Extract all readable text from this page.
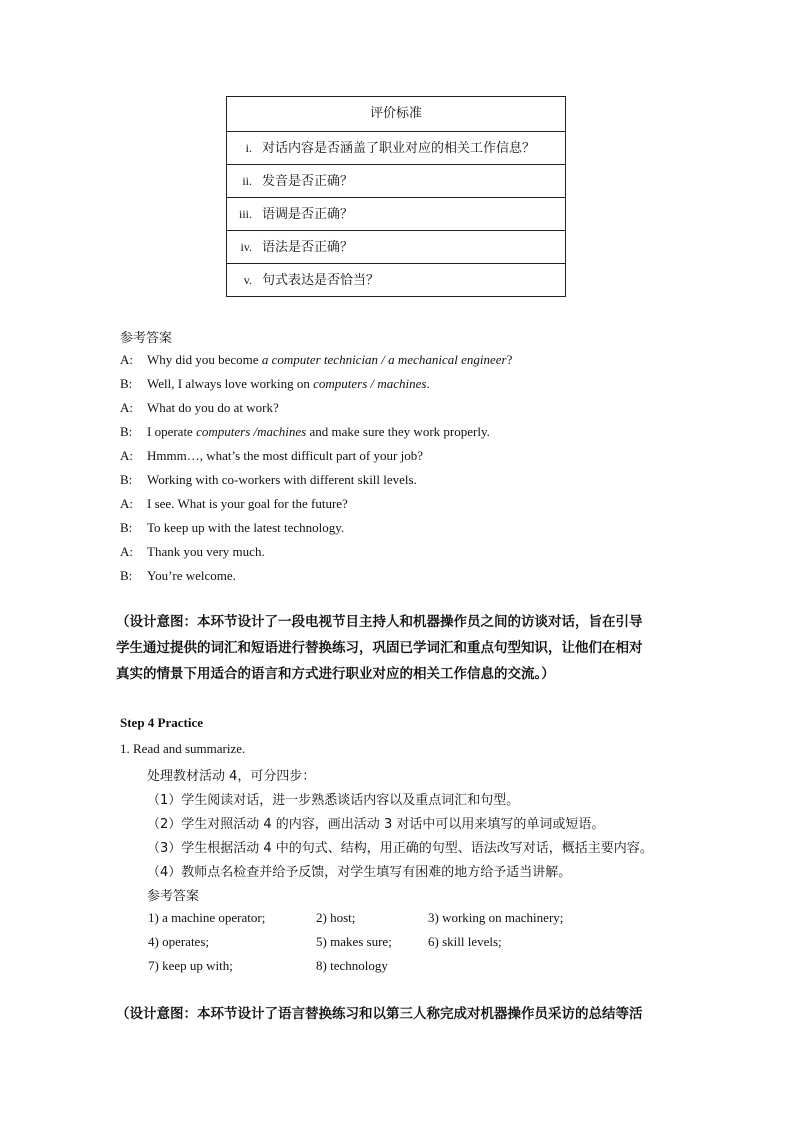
评价标准
i. 对话内容是否涵盖了职业对应的相关工作信息？
ii. 发音是否正确？
iii. 语调是否正确？
iv. 语法是否正确？
v. 句式表达是否恰当？
参考答案
A: Why did you become a computer technician / a mechanical engineer?
B: Well, I always love working on computers / machines.
A: What do you do at work?
B: I operate computers /machines and make sure they work properly.
A: Hmmm…, what’s the most difficult part of your job?
B: Working with co-workers with different skill levels.
A: I see. What is your goal for the future?
B: To keep up with the latest technology.
A: Thank you very much.
B: You’re welcome.
（设计意图：本环节设计了一段电视节目主持人和机器操作员之间的访谈对话，旨在引导
学生通过提供的词汇和短语进行替换练习，巩固已学词汇和重点句型知识，让他们在相对
真实的情景下用适合的语言和方式进行职业对应的相关工作信息的交流。）
Step 4 Practice
1. Read and summarize.
处理教材活动 4，可分四步：
（1）学生阅读对话，进一步熟悉谈话内容以及重点词汇和句型。
（2）学生对照活动 4 的内容，画出活动 3 对话中可以用来填写的单词或短语。
（3）学生根据活动 4 中的句式、结构，用正确的句型、语法改写对话，概括主要内容。
（4）教师点名检查并给予反馈，对学生填写有困难的地方给予适当讲解。
参考答案
1) a machine operator;	2) host;	3) working on machinery;
4) operates;	5) makes sure;	6) skill levels;
7) keep up with;	8) technology
（设计意图：本环节设计了语言替换练习和以第三人称完成对机器操作员采访的总结等活
